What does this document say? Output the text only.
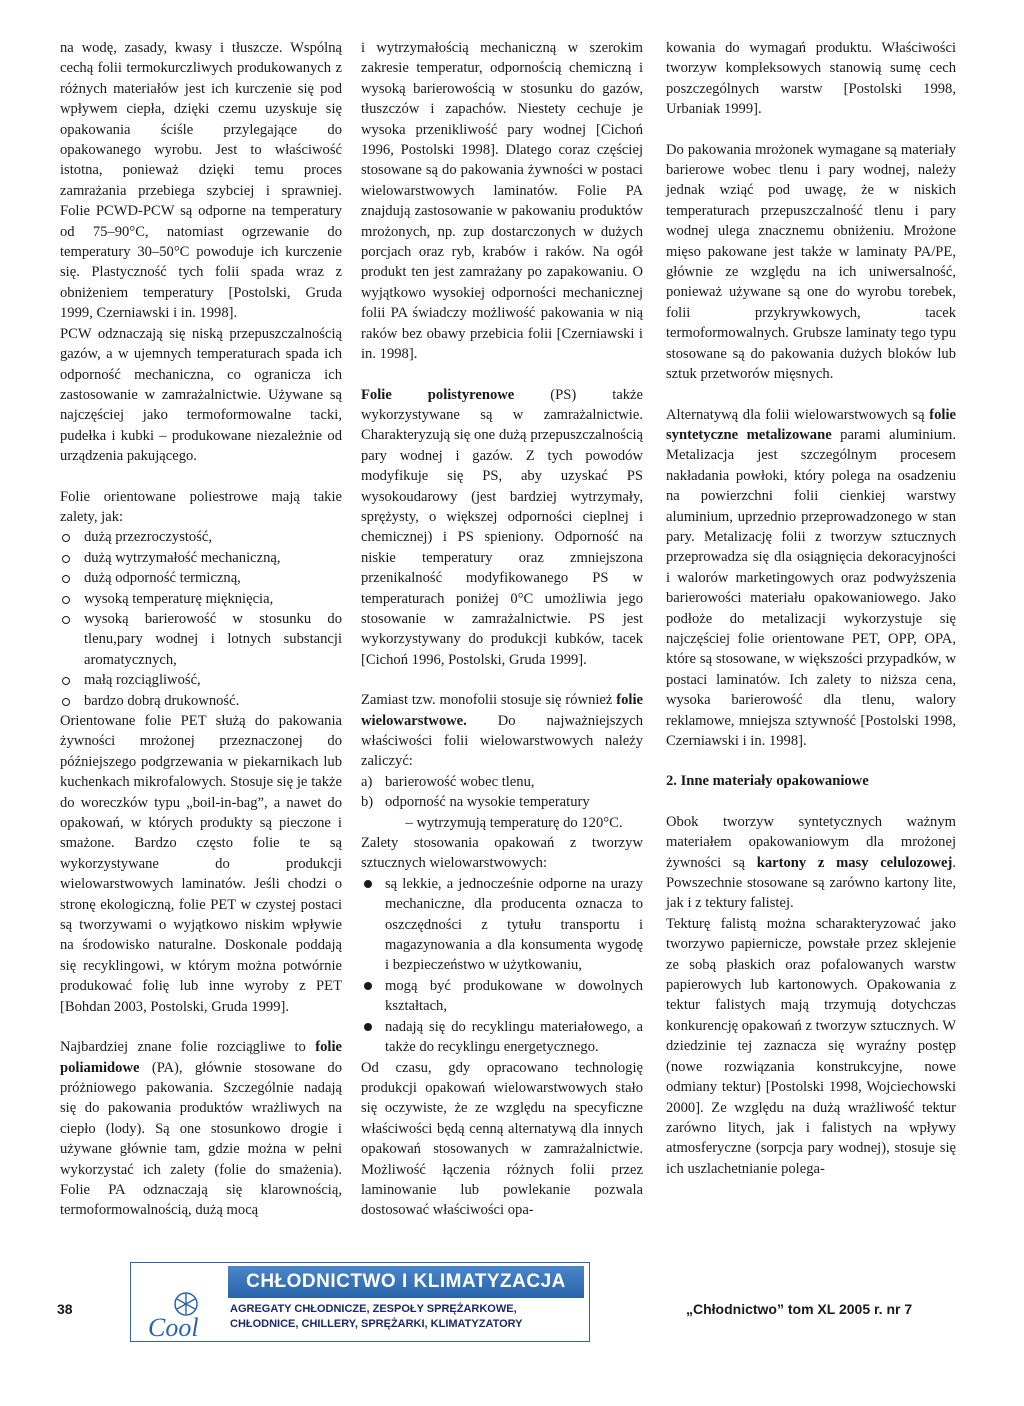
na wodę, zasady, kwasy i tłuszcze. Wspólną cechą folii termokurczliwych produkowanych z różnych materiałów jest ich kurczenie się pod wpływem ciepła, dzięki czemu uzyskuje się opakowania ściśle przylegające do opakowanego wyrobu. Jest to właściwość istotna, ponieważ dzięki temu proces zamrażania przebiega szybciej i sprawniej. Folie PCWD-PCW są odporne na temperatury od 75–90°C, natomiast ogrzewanie do temperatury 30–50°C powoduje ich kurczenie się. Plastyczność tych folii spada wraz z obniżeniem temperatury [Postolski, Gruda 1999, Czerniawski i in. 1998].

PCW odznaczają się niską przepuszczalnością gazów, a w ujemnych temperaturach spada ich odporność mechaniczna, co ogranicza ich zastosowanie w zamrażalnictwie. Używane są najczęściej jako termoformowalne tacki, pudełka i kubki – produkowane niezależnie od urządzenia pakującego.

Folie orientowane poliestrowe mają takie zalety, jak:

dużą przezroczystość,
dużą wytrzymałość mechaniczną,
dużą odporność termiczną,
wysoką temperaturę mięknięcia,
wysoką barierowość w stosunku do tlenu,pary wodnej i lotnych substancji aromatycznych,
małą rozciągliwość,
bardzo dobrą drukowność.

Orientowane folie PET służą do pakowania żywności mrożonej przeznaczonej do późniejszego podgrzewania w piekarnikach lub kuchenkach mikrofalowych. Stosuje się je także do woreczków typu „boil-in-bag”, a nawet do opakowań, w których produkty są pieczone i smażone. Bardzo często folie te są wykorzystywane do produkcji wielowarstwowych laminatów. Jeśli chodzi o stronę ekologiczną, folie PET w czystej postaci są tworzywami o wyjątkowo niskim wpływie na środowisko naturalne. Doskonale poddają się recyklingowi, w którym można potwórnie produkować folię lub inne wyroby z PET [Bohdan 2003, Postolski, Gruda 1999].

Najbardziej znane folie rozciągliwe to folie poliamidowe (PA), głównie stosowane do próżniowego pakowania. Szczególnie nadają się do pakowania produktów wrażliwych na ciepło (lody). Są one stosunkowo drogie i używane głównie tam, gdzie można w pełni wykorzystać ich zalety (folie do smażenia). Folie PA odznaczają się klarownością, termoformowalnością, dużą mocą

i wytrzymałością mechaniczną w szerokim zakresie temperatur, odpornością chemiczną i wysoką barierowością w stosunku do gazów, tłuszczów i zapachów. Niestety cechuje je wysoka przenikliwość pary wodnej [Cichoń 1996, Postolski 1998]. Dlatego coraz częściej stosowane są do pakowania żywności w postaci wielowarstwowych laminatów. Folie PA znajdują zastosowanie w pakowaniu produktów mrożonych, np. zup dostarczonych w dużych porcjach oraz ryb, krabów i raków. Na ogół produkt ten jest zamrażany po zapakowaniu. O wyjątkowo wysokiej odporności mechanicznej folii PA świadczy możliwość pakowania w nią raków bez obawy przebicia folii [Czerniawski i in. 1998].

Folie polistyrenowe (PS) także wykorzystywane są w zamrażalnictwie. Charakteryzują się one dużą przepuszczalnością pary wodnej i gazów. Z tych powodów modyfikuje się PS, aby uzyskać PS wysokoudarowy (jest bardziej wytrzymały, sprężysty, o większej odporności cieplnej i chemicznej) i PS spieniony. Odporność na niskie temperatury oraz zmniejszona przenikalność modyfikowanego PS w temperaturach poniżej 0°C umożliwia jego stosowanie w zamrażalnictwie. PS jest wykorzystywany do produkcji kubków, tacek [Cichoń 1996, Postolski, Gruda 1999].

Zamiast tzw. monofolii stosuje się również folie wielowarstwowe. Do najważniejszych właściwości folii wielowarstwowych należy zaliczyć:

a) barierowość wobec tlenu,
b) odporność na wysokie temperatury

– wytrzymują temperaturę do 120°C.

Zalety stosowania opakowań z tworzyw sztucznych wielowarstwowych:

są lekkie, a jednocześnie odporne na urazy mechaniczne, dla producenta oznacza to oszczędności z tytułu transportu i magazynowania a dla konsumenta wygodę i bezpieczeństwo w użytkowaniu,
mogą być produkowane w dowolnych kształtach,
nadają się do recyklingu materiałowego, a także do recyklingu energetycznego.

Od czasu, gdy opracowano technologię produkcji opakowań wielowarstwowych stało się oczywiste, że ze względu na specyficzne właściwości będą cenną alternatywą dla innych opakowań stosowanych w zamrażalnictwie. Możliwość łączenia różnych folii przez laminowanie lub powlekanie pozwala dostosować właściwości opa-

kowania do wymagań produktu. Właściwości tworzyw kompleksowych stanowią sumę cech poszczególnych warstw [Postolski 1998, Urbaniak 1999].

Do pakowania mrożonek wymagane są materiały barierowe wobec tlenu i pary wodnej, należy jednak wziąć pod uwagę, że w niskich temperaturach przepuszczalność tlenu i pary wodnej ulega znacznemu obniżeniu. Mrożone mięso pakowane jest także w laminaty PA/PE, głównie ze względu na ich uniwersalność, ponieważ używane są one do wyrobu torebek, folii przykrywkowych, tacek termoformowalnych. Grubsze laminaty tego typu stosowane są do pakowania dużych bloków lub sztuk przetworów mięsnych.

Alternatywą dla folii wielowarstwowych są folie syntetyczne metalizowane parami aluminium. Metalizacja jest szczególnym procesem nakładania powłoki, który polega na osadzeniu na powierzchni folii cienkiej warstwy aluminium, uprzednio przeprowadzonego w stan pary. Metalizację folii z tworzyw sztucznych przeprowadza się dla osiągnięcia dekoracyjności i walorów marketingowych oraz podwyższenia barierowości materiału opakowaniowego. Jako podłoże do metalizacji wykorzystuje się najczęściej folie orientowane PET, OPP, OPA, które są stosowane, w większości przypadków, w postaci laminatów. Ich zalety to niższa cena, wysoka barierowość dla tlenu, walory reklamowe, mniejsza sztywność [Postolski 1998, Czerniawski i in. 1998].

2. Inne materiały opakowaniowe

Obok tworzyw syntetycznych ważnym materiałem opakowaniowym dla mrożonej żywności są kartony z masy celulozowej. Powszechnie stosowane są zarówno kartony lite, jak i z tektury falistej.

Tekturę falistą można scharakteryzować jako tworzywo papiernicze, powstałe przez sklejenie ze sobą płaskich oraz pofalowanych warstw papierowych lub kartonowych. Opakowania z tektur falistych mają trzymują dotychczas konkurencję opakowań z tworzyw sztucznych. W dziedzinie tej zaznacza się wyraźny postęp (nowe rozwiązania konstrukcyjne, nowe odmiany tektur) [Postolski 1998, Wojciechowski 2000]. Ze względu na dużą wrażliwość tektur zarówno litych, jak i falistych na wpływy atmosferyczne (sorpcja pary wodnej), stosuje się ich uszlachetnianie polega-

38
CHŁODNICTWO I KLIMATYZACJA
Cool
AGREGATY CHŁODNICZE, ZESPOŁY SPRĘŻARKOWE,
CHŁODNICE, CHILLERY, SPRĘŻARKI, KLIMATYZATORY
„Chłodnictwo” tom XL 2005 r. nr 7
